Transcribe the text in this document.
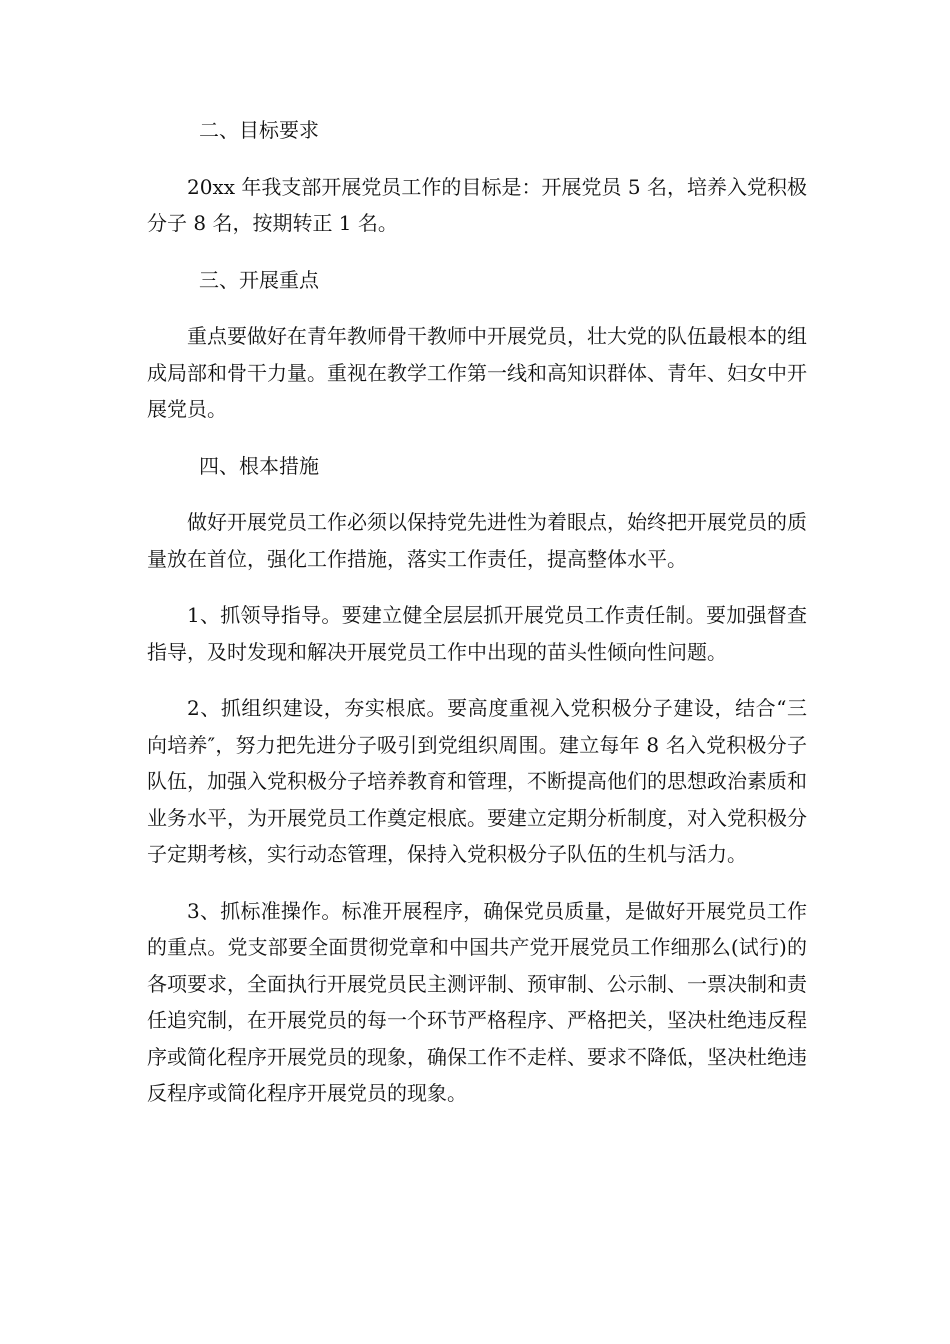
二、目标要求

20xx 年我支部开展党员工作的目标是：开展党员 5 名，培养入党积极分子 8 名，按期转正 1 名。

三、开展重点

重点要做好在青年教师骨干教师中开展党员，壮大党的队伍最根本的组成局部和骨干力量。重视在教学工作第一线和高知识群体、青年、妇女中开展党员。

四、根本措施

做好开展党员工作必须以保持党先进性为着眼点，始终把开展党员的质量放在首位，强化工作措施，落实工作责任，提高整体水平。

1、抓领导指导。要建立健全层层抓开展党员工作责任制。要加强督查指导，及时发现和解决开展党员工作中出现的苗头性倾向性问题。

2、抓组织建设，夯实根底。要高度重视入党积极分子建设，结合“三向培养″，努力把先进分子吸引到党组织周围。建立每年 8 名入党积极分子队伍，加强入党积极分子培养教育和管理，不断提高他们的思想政治素质和业务水平，为开展党员工作奠定根底。要建立定期分析制度，对入党积极分子定期考核，实行动态管理，保持入党积极分子队伍的生机与活力。

3、抓标准操作。标准开展程序，确保党员质量，是做好开展党员工作的重点。党支部要全面贯彻党章和中国共产党开展党员工作细那么(试行)的各项要求，全面执行开展党员民主测评制、预审制、公示制、一票决制和责任追究制，在开展党员的每一个环节严格程序、严格把关，坚决杜绝违反程序或简化程序开展党员的现象，确保工作不走样、要求不降低，坚决杜绝违反程序或简化程序开展党员的现象。
